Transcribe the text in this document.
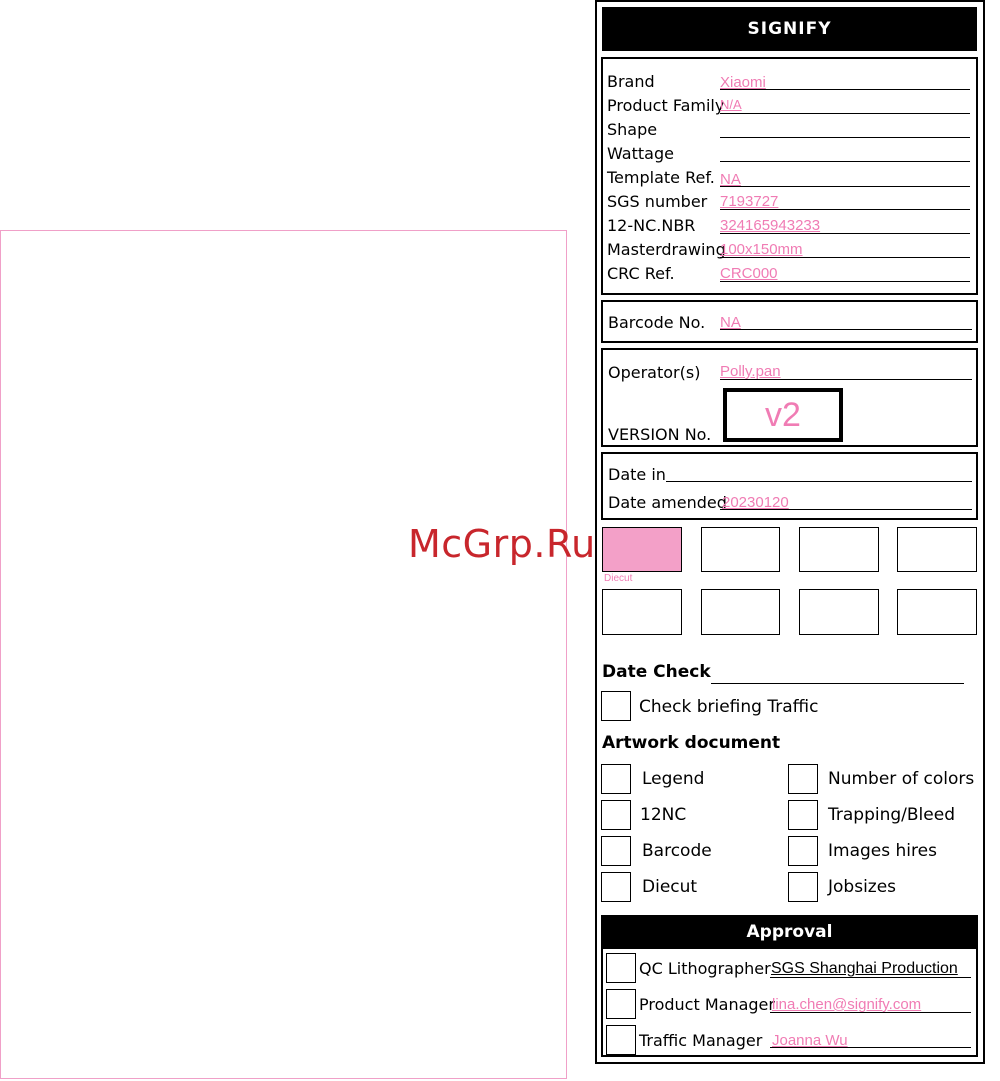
McGrp.Ru
SIGNIFY
Brand	Xiaomi
Product Family
N/A
Shape
Wattage
Template Ref. NA
SGS number 7193727
12-NC.NBR 324165943233
Masterdrawing
100x150mm
CRC Ref.	CRC000
Barcode No. NA
Operator(s) Polly.pan
VERSION No.
v2
Date in
Date amended
20230120
Diecut
Date Check
Check briefing Traffic
Artwork document
Legend
12NC
Barcode
Diecut
Number of colors
Trapping/Bleed
Images hires
Jobsizes
Approval
QC Lithographer SGS Shanghai Production
Product Manager
lina.chen@signify.com
Traffic Manager Joanna Wu
